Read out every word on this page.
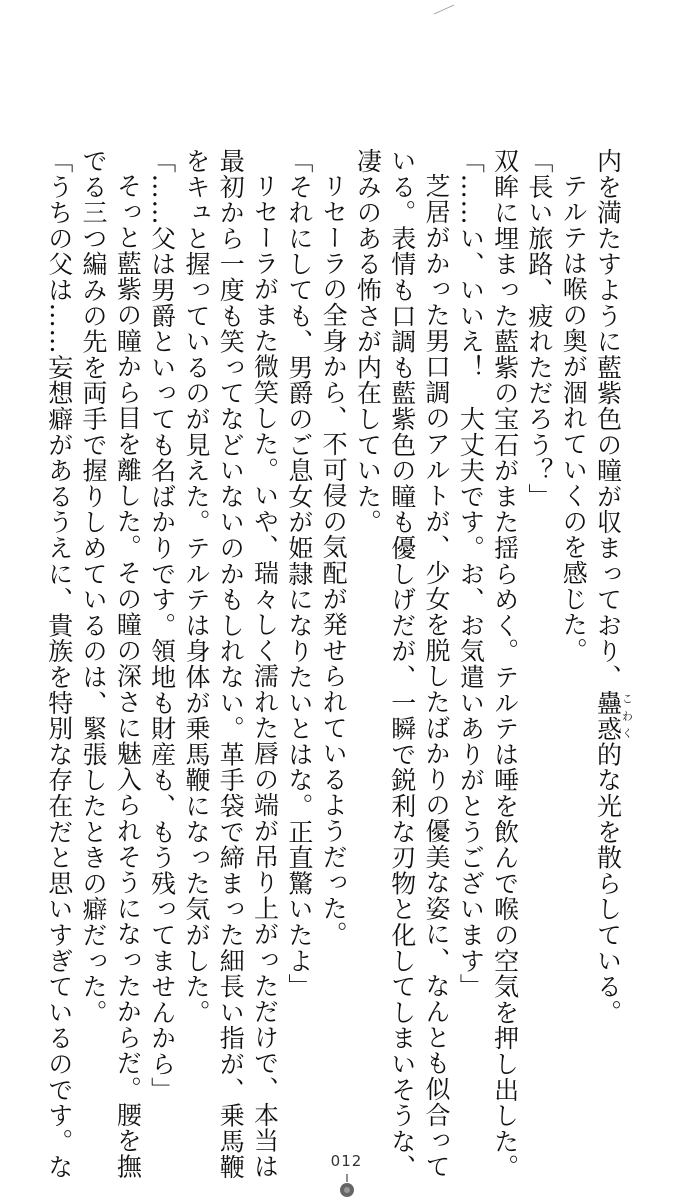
内を満たすように藍紫色の瞳が収まっており、蠱惑こわく的な光を散らしている。
テルテは喉の奥が涸れていくのを感じた。
「長い旅路、疲れただろう？」
双眸に埋まった藍紫の宝石がまた揺らめく。テルテは唾を飲んで喉の空気を押し出した。
「……い、いいえ！　大丈夫です。お、お気遣いありがとうございます」
芝居がかった男口調のアルトが、少女を脱したばかりの優美な姿に、なんとも似合って
いる。表情も口調も藍紫色の瞳も優しげだが、一瞬で鋭利な刃物と化してしまいそうな、
凄みのある怖さが内在していた。
リセーラの全身から、不可侵の気配が発せられているようだった。
「それにしても、男爵のご息女が姫隷になりたいとはな。正直驚いたよ」
リセーラがまた微笑した。いや、瑞々しく濡れた唇の端が吊り上がっただけで、本当は
最初から一度も笑ってなどいないのかもしれない。革手袋で締まった細長い指が、乗馬鞭
をキュと握っているのが見えた。テルテは身体が乗馬鞭になった気がした。
「……父は男爵といっても名ばかりです。領地も財産も、もう残ってませんから」
そっと藍紫の瞳から目を離した。その瞳の深さに魅入られそうになったからだ。腰を撫
でる三つ編みの先を両手で握りしめているのは、緊張したときの癖だった。
「うちの父は……妄想癖があるうえに、貴族を特別な存在だと思いすぎているのです。な	012
